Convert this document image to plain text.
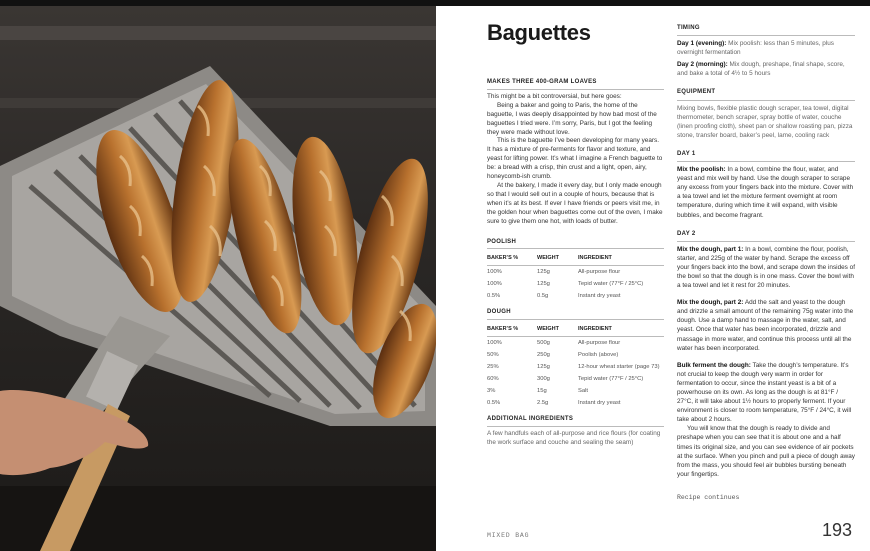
Baguettes
MAKES THREE 400-GRAM LOAVES

This might be a bit controversial, but here goes:

Being a baker and going to Paris, the home of the baguette, I was deeply disappointed by how bad most of the baguettes I tried were. I’m sorry, Paris, but I got the feeling they were made without love.

This is the baguette I’ve been developing for many years. It has a mixture of pre-ferments for flavor and texture, and yeast for lifting power. It’s what I imagine a French baguette to be: a bread with a crisp, thin crust and a light, open, airy, honeycomb-ish crumb.

At the bakery, I made it every day, but I only made enough so that I would sell out in a couple of hours, because that is when it’s at its best. If ever I have friends or peers visit me, in the golden hour when baguettes come out of the oven, I make sure to give them one hot, with loads of butter.

POOLISH
BAKER’S %	WEIGHT	INGREDIENT
100%	125g	All-purpose flour
100%	125g	Tepid water (77°F / 25°C)
0.5%	0.5g	Instant dry yeast
DOUGH
BAKER’S %	WEIGHT	INGREDIENT
100%	500g	All-purpose flour
50%	250g	Poolish (above)
25%	125g	12-hour wheat starter (page 73)
60%	300g	Tepid water (77°F / 25°C)
3%	15g	Salt
0.5%	2.5g	Instant dry yeast
ADDITIONAL INGREDIENTS

A few handfuls each of all-purpose and rice flours (for coating the work surface and couche and sealing the seam)

TIMING

Day 1 (evening): Mix poolish: less than 5 minutes, plus overnight fermentation

Day 2 (morning): Mix dough, preshape, final shape, score, and bake a total of 4½ to 5 hours

EQUIPMENT

Mixing bowls, flexible plastic dough scraper, tea towel, digital thermometer, bench scraper, spray bottle of water, couche (linen proofing cloth), sheet pan or shallow roasting pan, pizza stone, transfer board, baker’s peel, lame, cooling rack

DAY 1

Mix the poolish: In a bowl, combine the flour, water, and yeast and mix well by hand. Use the dough scraper to scrape any excess from your fingers back into the mixture. Cover with a tea towel and let the mixture ferment overnight at room temperature, during which time it will expand, with visible bubbles, and become fragrant.

DAY 2

Mix the dough, part 1: In a bowl, combine the flour, poolish, starter, and 225g of the water by hand. Scrape the excess off your fingers back into the bowl, and scrape down the insides of the bowl so that the dough is in one mass. Cover the bowl with a tea towel and let it rest for 20 minutes.

Mix the dough, part 2: Add the salt and yeast to the dough and drizzle a small amount of the remaining 75g water into the dough. Use a damp hand to massage in the water, salt, and yeast. Once that water has been incorporated, drizzle and massage in more water, and continue this process until all the water has been incorporated.

Bulk ferment the dough: Take the dough’s temperature. It’s not crucial to keep the dough very warm in order for fermentation to occur, since the instant yeast is a bit of a powerhouse on its own. As long as the dough is at 81°F / 27°C, it will take about 1½ hours to properly ferment. If your environment is closer to room temperature, 75°F / 24°C, it will take about 2 hours.

You will know that the dough is ready to divide and preshape when you can see that it is about one and a half times its original size, and you can see evidence of air pockets at the surface. When you pinch and pull a piece of dough away from the mass, you should feel air bubbles bursting beneath your fingertips.

Recipe continues
MIXED BAG	193
